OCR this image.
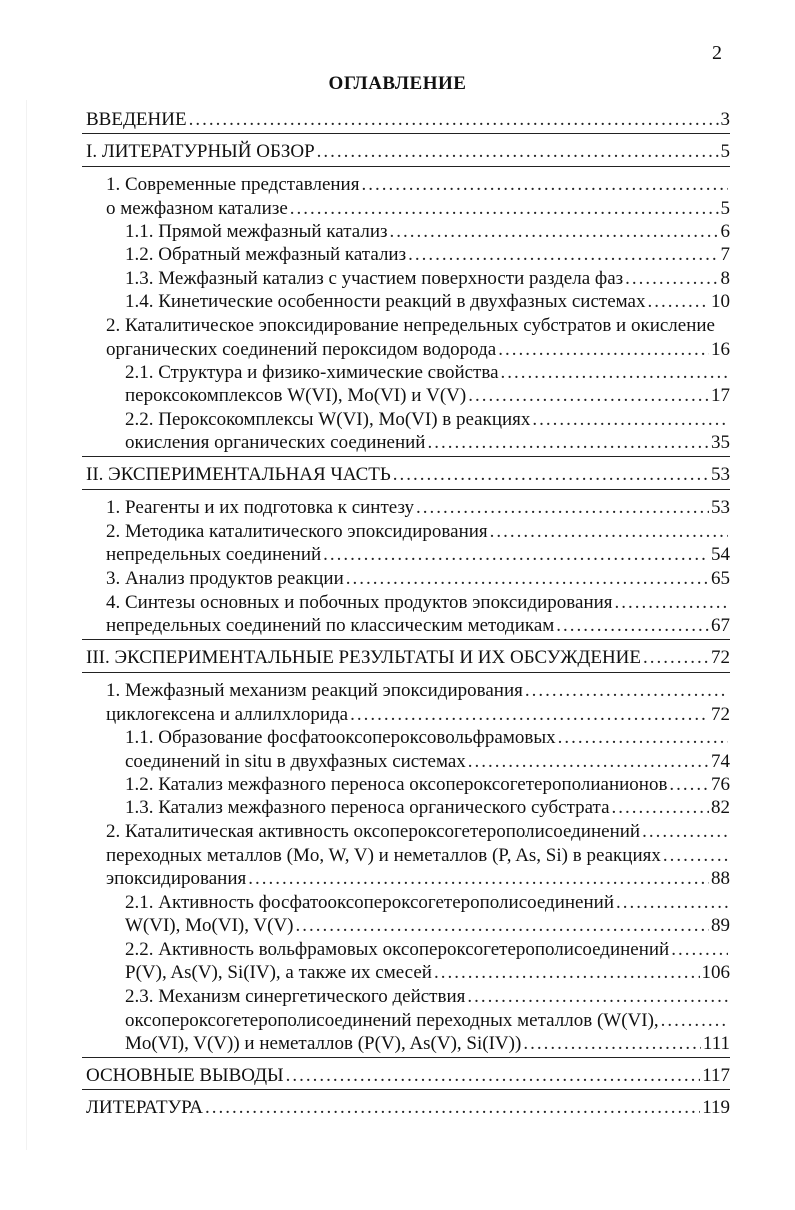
2
ОГЛАВЛЕНИЕ
ВВЕДЕНИЕ .....	3
I. ЛИТЕРАТУРНЫЙ ОБЗОР .....	5
1. Современные представления
.....
о межфазном катализе .....	5
1.1. Прямой межфазный катализ .....	6
1.2. Обратный межфазный катализ .....	7
1.3. Межфазный катализ с участием поверхности раздела фаз .....	8
1.4. Кинетические особенности реакций в двухфазных системах .....	10
2. Каталитическое эпоксидирование непредельных субстратов и окисление
органических соединений пероксидом водорода .....	16
2.1. Структура и физико-химические свойства
.....
пероксокомплексов W(VI), Mo(VI) и V(V) .....	17
2.2. Пероксокомплексы W(VI), Mo(VI) в реакциях
.....
окисления органических соединений .....	35
II. ЭКСПЕРИМЕНТАЛЬНАЯ ЧАСТЬ .....	53
1. Реагенты и их подготовка к синтезу .....	53
2. Методика каталитического эпоксидирования
.....
непредельных соединений .....	54
3. Анализ продуктов реакции .....	65
4. Синтезы основных и побочных продуктов эпоксидирования
.....
непредельных соединений по классическим методикам .....	67
III. ЭКСПЕРИМЕНТАЛЬНЫЕ РЕЗУЛЬТАТЫ И ИХ ОБСУЖДЕНИЕ .....	72
1. Межфазный механизм реакций эпоксидирования
.....
циклогексена и аллилхлорида .....	72
1.1. Образование фосфатооксопероксовольфрамовых
.....
соединений in situ в двухфазных системах .....	74
1.2. Катализ межфазного переноса оксопероксогетерополианионов ..... 76
1.3. Катализ межфазного переноса органического субстрата .....	82
2. Каталитическая активность оксопероксогетерополисоединений
.....
переходных металлов (Mo, W, V) и неметаллов (P, As, Si) в реакциях
.....
эпоксидирования .....	88
2.1. Активность фосфатооксопероксогетерополисоединений
.....
W(VI), Mo(VI), V(V) .....	89
2.2. Активность вольфрамовых оксопероксогетерополисоединений
.....
P(V), As(V), Si(IV), а также их смесей .....	106
2.3. Механизм синергетического действия
.....
оксопероксогетерополисоединений переходных металлов (W(VI),
.....
Mo(VI), V(V)) и неметаллов (P(V), As(V), Si(IV)) .....	111
ОСНОВНЫЕ ВЫВОДЫ .....	117
ЛИТЕРАТУРА .....	119
